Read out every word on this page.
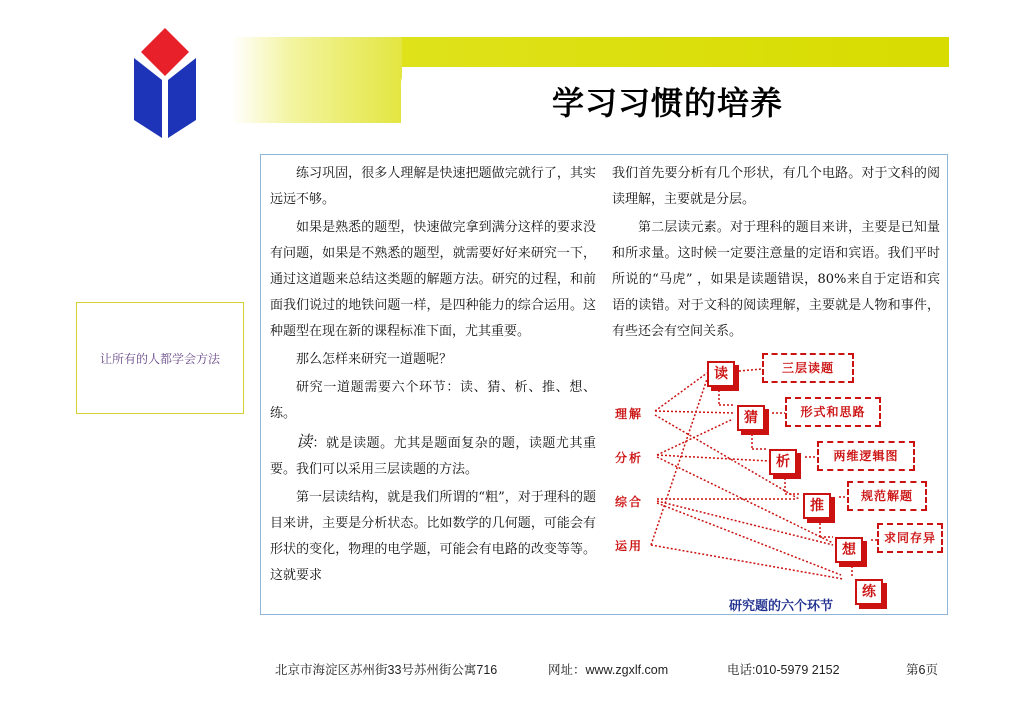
学习习惯的培养
让所有的人都学会方法

练习巩固，很多人理解是快速把题做完就行了，其实远远不够。

如果是熟悉的题型，快速做完拿到满分这样的要求没有问题，如果是不熟悉的题型，就需要好好来研究一下，通过这道题来总结这类题的解题方法。研究的过程，和前面我们说过的地铁问题一样，是四种能力的综合运用。这种题型在现在新的课程标准下面，尤其重要。

那么怎样来研究一道题呢？

研究一道题需要六个环节：读、猜、析、推、想、练。

读：就是读题。尤其是题面复杂的题，读题尤其重要。我们可以采用三层读题的方法。

第一层读结构，就是我们所谓的“粗”，对于理科的题目来讲，主要是分析状态。比如数学的几何题，可能会有形状的变化，物理的电学题，可能会有电路的改变等等。这就要求

我们首先要分析有几个形状，有几个电路。对于文科的阅读理解，主要就是分层。

第二层读元素。对于理科的题目来讲，主要是已知量和所求量。这时候一定要注意量的定语和宾语。我们平时所说的“马虎” ，如果是读题错误，80%来自于定语和宾语的读错。对于文科的阅读理解，主要就是人物和事件，有些还会有空间关系。

读
猜
析
推
想
练
三层读题
形式和思路
两维逻辑图
规范解题
求同存异
理解
分析
综合
运用
研究题的六个环节
北京市海淀区苏州街33号苏州街公寓716	网址：www.zgxlf.com	电话:010-5979 2152	第6页
